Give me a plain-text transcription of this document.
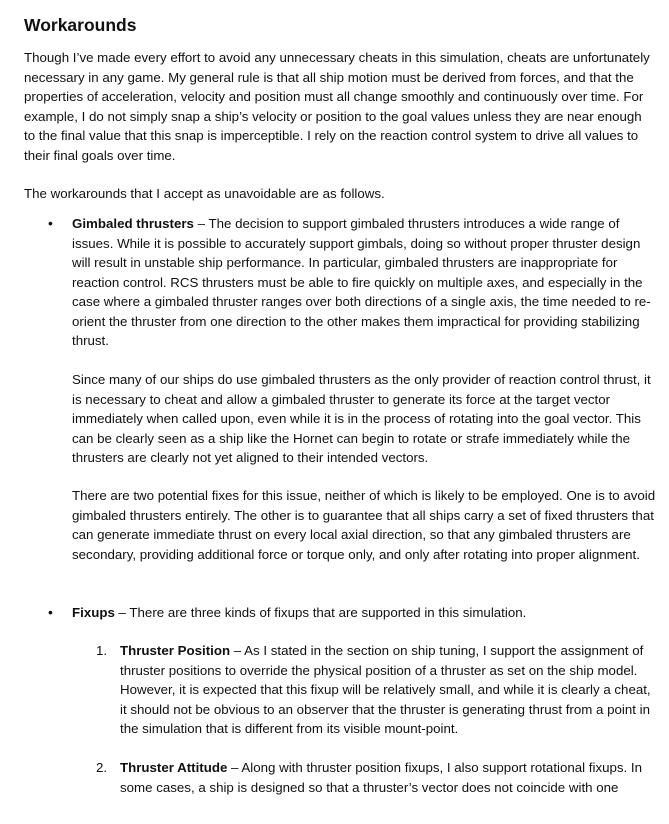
Workarounds

Though I’ve made every effort to avoid any unnecessary cheats in this simulation, cheats are unfortunately necessary in any game. My general rule is that all ship motion must be derived from forces, and that the properties of acceleration, velocity and position must all change smoothly and continuously over time. For example, I do not simply snap a ship’s velocity or position to the goal values unless they are near enough to the final value that this snap is imperceptible. I rely on the reaction control system to drive all values to their final goals over time.

The workarounds that I accept as unavoidable are as follows.

• Gimbaled thrusters – The decision to support gimbaled thrusters introduces a wide range of issues. While it is possible to accurately support gimbals, doing so without proper thruster design will result in unstable ship performance. In particular, gimbaled thrusters are inappropriate for reaction control. RCS thrusters must be able to fire quickly on multiple axes, and especially in the case where a gimbaled thruster ranges over both directions of a single axis, the time needed to re-orient the thruster from one direction to the other makes them impractical for providing stabilizing thrust.

Since many of our ships do use gimbaled thrusters as the only provider of reaction control thrust, it is necessary to cheat and allow a gimbaled thruster to generate its force at the target vector immediately when called upon, even while it is in the process of rotating into the goal vector. This can be clearly seen as a ship like the Hornet can begin to rotate or strafe immediately while the thrusters are clearly not yet aligned to their intended vectors.

There are two potential fixes for this issue, neither of which is likely to be employed. One is to avoid gimbaled thrusters entirely. The other is to guarantee that all ships carry a set of fixed thrusters that can generate immediate thrust on every local axial direction, so that any gimbaled thrusters are secondary, providing additional force or torque only, and only after rotating into proper alignment.

• Fixups – There are three kinds of fixups that are supported in this simulation.

1. Thruster Position – As I stated in the section on ship tuning, I support the assignment of thruster positions to override the physical position of a thruster as set on the ship model. However, it is expected that this fixup will be relatively small, and while it is clearly a cheat, it should not be obvious to an observer that the thruster is generating thrust from a point in the simulation that is different from its visible mount-point.

2. Thruster Attitude – Along with thruster position fixups, I also support rotational fixups. In some cases, a ship is designed so that a thruster’s vector does not coincide with one
